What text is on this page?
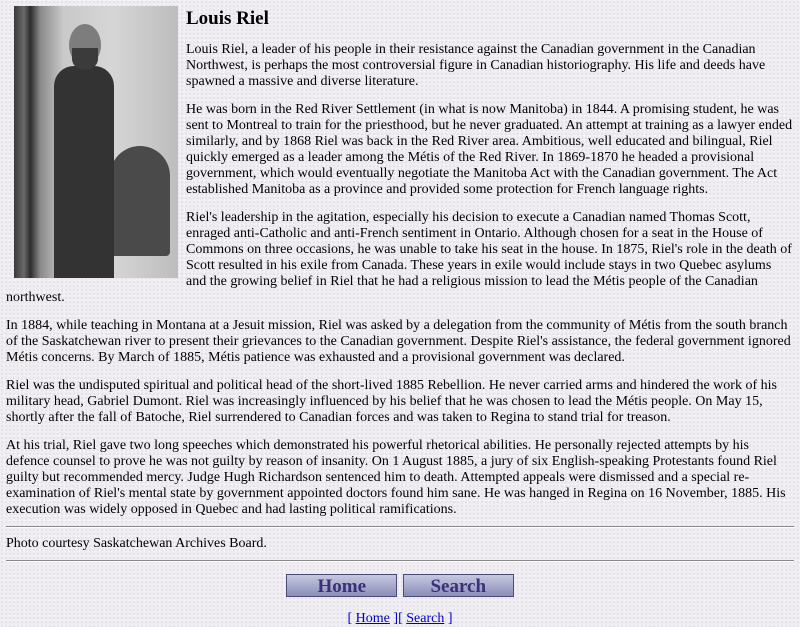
Louis Riel

Louis Riel, a leader of his people in their resistance against the Canadian government in the Canadian Northwest, is perhaps the most controversial figure in Canadian historiography. His life and deeds have spawned a massive and diverse literature.

He was born in the Red River Settlement (in what is now Manitoba) in 1844. A promising student, he was sent to Montreal to train for the priesthood, but he never graduated. An attempt at training as a lawyer ended similarly, and by 1868 Riel was back in the Red River area. Ambitious, well educated and bilingual, Riel quickly emerged as a leader among the Métis of the Red River. In 1869-1870 he headed a provisional government, which would eventually negotiate the Manitoba Act with the Canadian government. The Act established Manitoba as a province and provided some protection for French language rights.

Riel's leadership in the agitation, especially his decision to execute a Canadian named Thomas Scott, enraged anti-Catholic and anti-French sentiment in Ontario. Although chosen for a seat in the House of Commons on three occasions, he was unable to take his seat in the house. In 1875, Riel's role in the death of Scott resulted in his exile from Canada. These years in exile would include stays in two Quebec asylums and the growing belief in Riel that he had a religious mission to lead the Métis people of the Canadian northwest.

In 1884, while teaching in Montana at a Jesuit mission, Riel was asked by a delegation from the community of Métis from the south branch of the Saskatchewan river to present their grievances to the Canadian government. Despite Riel's assistance, the federal government ignored Métis concerns. By March of 1885, Métis patience was exhausted and a provisional government was declared.

Riel was the undisputed spiritual and political head of the short-lived 1885 Rebellion. He never carried arms and hindered the work of his military head, Gabriel Dumont. Riel was increasingly influenced by his belief that he was chosen to lead the Métis people. On May 15, shortly after the fall of Batoche, Riel surrendered to Canadian forces and was taken to Regina to stand trial for treason.

At his trial, Riel gave two long speeches which demonstrated his powerful rhetorical abilities. He personally rejected attempts by his defence counsel to prove he was not guilty by reason of insanity. On 1 August 1885, a jury of six English-speaking Protestants found Riel guilty but recommended mercy. Judge Hugh Richardson sentenced him to death. Attempted appeals were dismissed and a special re-examination of Riel's mental state by government appointed doctors found him sane. He was hanged in Regina on 16 November, 1885. His execution was widely opposed in Quebec and had lasting political ramifications.

Photo courtesy Saskatchewan Archives Board.
Home	Search
[ Home ][ Search ]
